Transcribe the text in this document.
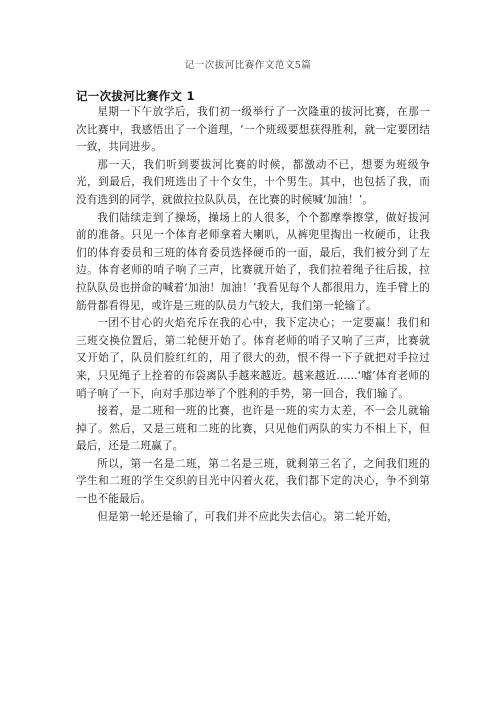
记一次拔河比赛作文范文5篇
记一次拔河比赛作文 1

星期一下午放学后，我们初一级举行了一次隆重的拔河比赛，在那一次比赛中，我感悟出了一个道理，‘一个班级要想获得胜利，就一定要团结一致，共同进步。

那一天，我们听到要拔河比赛的时候，都激动不已，想要为班级争光，到最后，我们班选出了十个女生，十个男生。其中，也包括了我，而没有选到的同学，就做拉拉队队员，在比赛的时候喊‘加油！’。

我们陆续走到了操场，操场上的人很多，个个都摩拳擦掌，做好拔河前的准备。只见一个体育老师拿着大喇叭，从裤兜里掏出一枚硬币，让我们的体育委员和三班的体育委员选择硬币的一面，最后，我们被分到了左边。体育老师的哨子响了三声，比赛就开始了，我们拉着绳子往后拔，拉拉队队员也拼命的喊着‘加油！加油！’我看见每个人都很用力，连手臂上的筋骨都看得见，或许是三班的队员力气较大，我们第一轮输了。

一团不甘心的火焰充斥在我的心中，我下定决心；一定要赢！我们和三班交换位置后，第二轮便开始了。体育老师的哨子又响了三声，比赛就又开始了，队员们脸红红的，用了很大的劲，恨不得一下子就把对手拉过来，只见绳子上拴着的布袋离队手越来越近。越来越近……‘嘘’体育老师的哨子响了一下，向对手那边举了个胜利的手势，第一回合，我们输了。

接着，是二班和一班的比赛，也许是一班的实力太差，不一会儿就输掉了。然后，又是三班和二班的比赛，只见他们两队的实力不相上下，但最后，还是二班赢了。

所以，第一名是二班，第二名是三班，就剩第三名了，之间我们班的学生和二班的学生交织的目光中闪着火花，我们都下定的决心，争不到第一也不能最后。

但是第一轮还是输了，可我们并不应此失去信心。第二轮开始，
